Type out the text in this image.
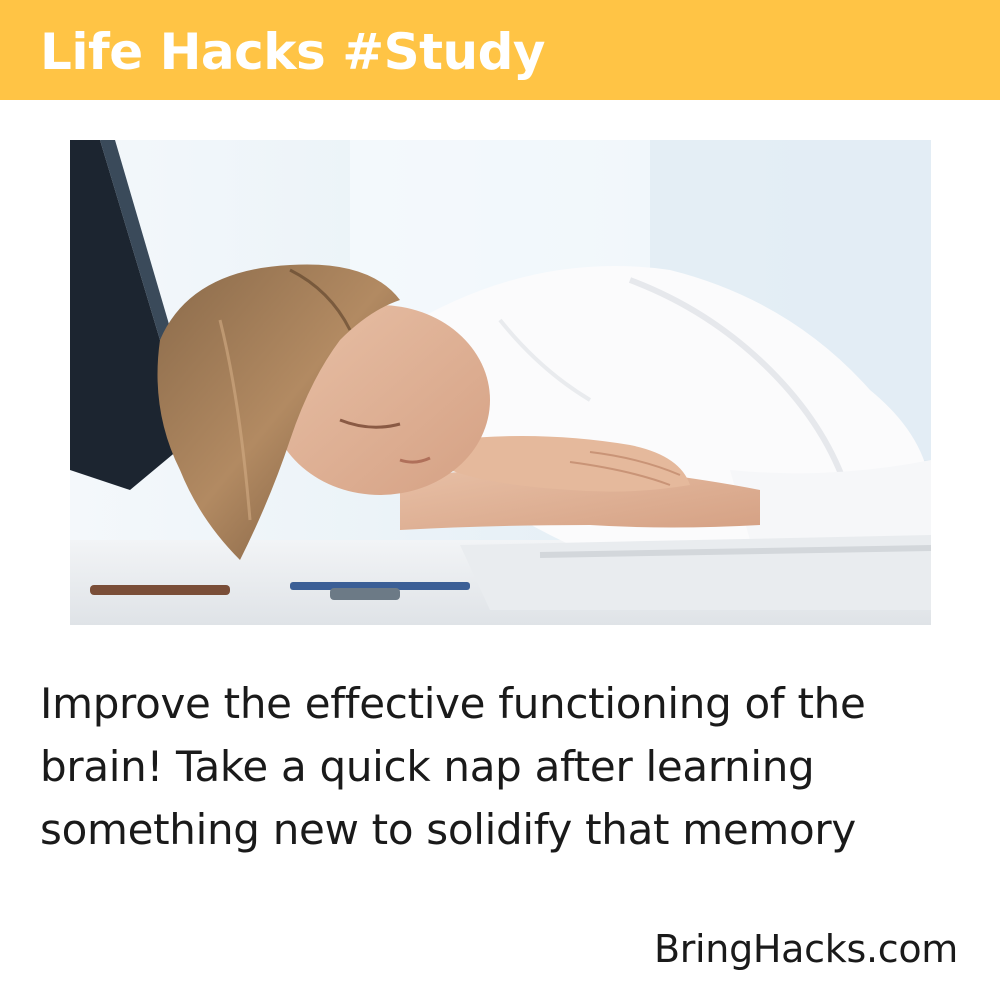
Life Hacks #Study
Improve the effective functioning of the
brain! Take a quick nap after learning
something new to solidify that memory
BringHacks.com
